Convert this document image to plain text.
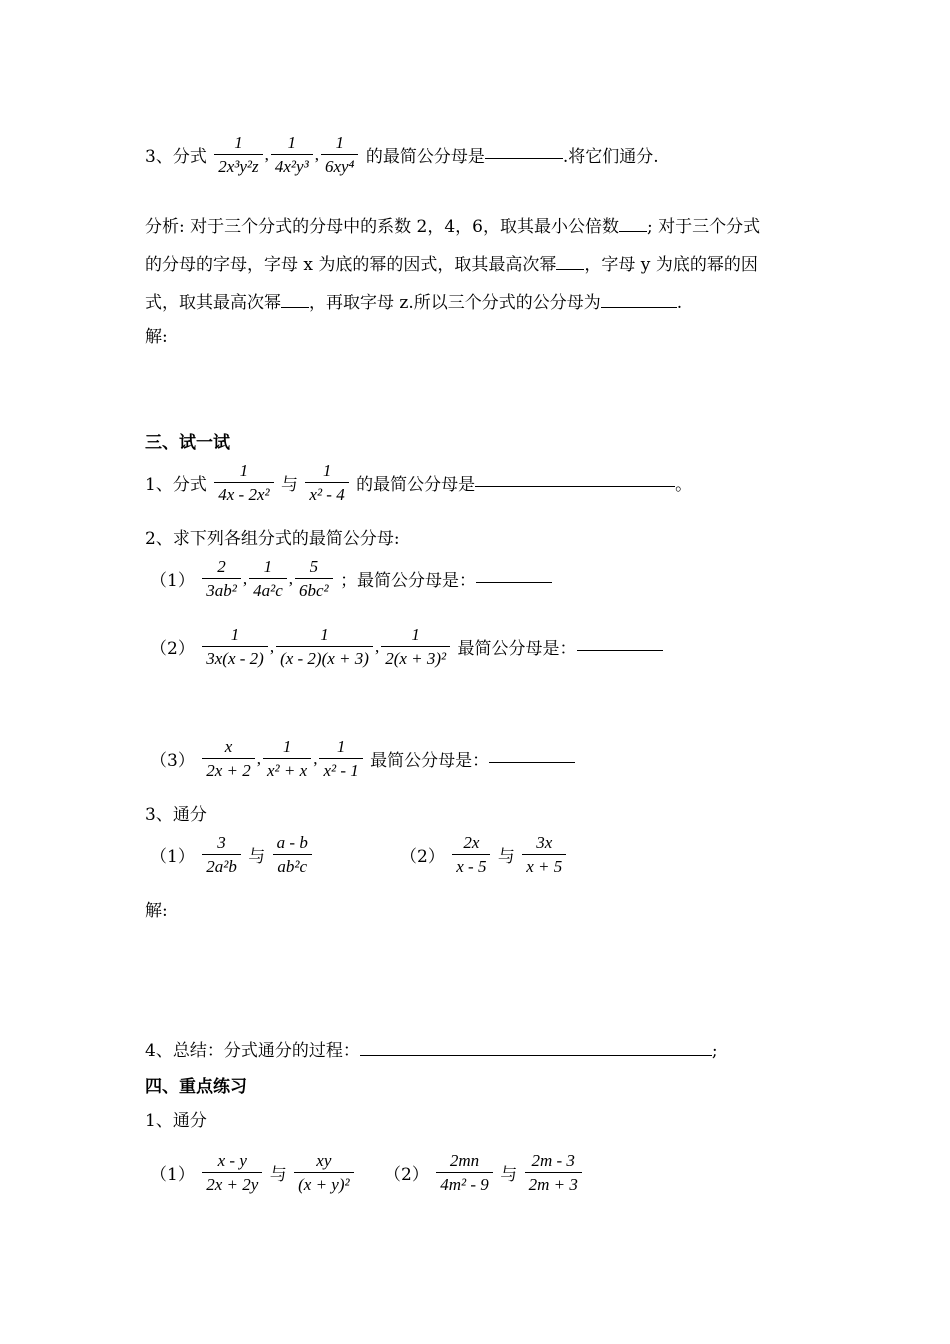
3、分式 $\frac{1}{\text{2x³y²z}}$ , $\frac{1}{\text{4x²y³}}$ , $\frac{1}{\text{6xy⁴}}$ 的最简公分母是	.将它们通分.
分析: 对于三个分式的分母中的系数 2，4，6，取其最小公倍数 ; 对于三个分式
的分母的字母，字母 x 为底的幂的因式，取其最高次幂 ，字母 y 为底的幂的因
式，取其最高次幂 ，再取字母 z.所以三个分式的公分母为	.
解:
三、试一试
1、分式 $\frac{1}{\text{4x - 2x²}}$ 与 $\frac{1}{\text{x² - 4}}$ 的最简公分母是	。
2、求下列各组分式的最简公分母:
$(1) \frac{2}{\text{3ab²}}$ , $\frac{1}{\text{4a²c}}$ , $\frac{5}{\text{6bc²}}$ ；最简公分母是：
$(2) \frac{1}{3x(x - 2)}$ , $\frac{1}{(x - 2)(x + 3)}$ , $\frac{1}{\text{2(x + 3)²}}$ 最简公分母是：
$(3) \frac{x}{2x + 2}$ , $\frac{1}{\text{x² + x}}$ , $\frac{1}{\text{x² - 1}}$ 最简公分母是：
3、通分
$(1) \frac{3}{\text{2a²b}}$ 与 $\frac{a - b}{\text{ab²c}}$	$(2) \frac{2x}{x - 5}$ 与 $\frac{3x}{x + 5}$
解:
4、总结：分式通分的过程：	;
四、重点练习
1、通分
$(1) \frac{x - y}{2x + 2y}$ 与 $\frac{xy}{\text{(x + y)²}} (2) \frac{2mn}{\text{4m² - 9}}$ 与 $\frac{2m - 3}{2m + 3}$
